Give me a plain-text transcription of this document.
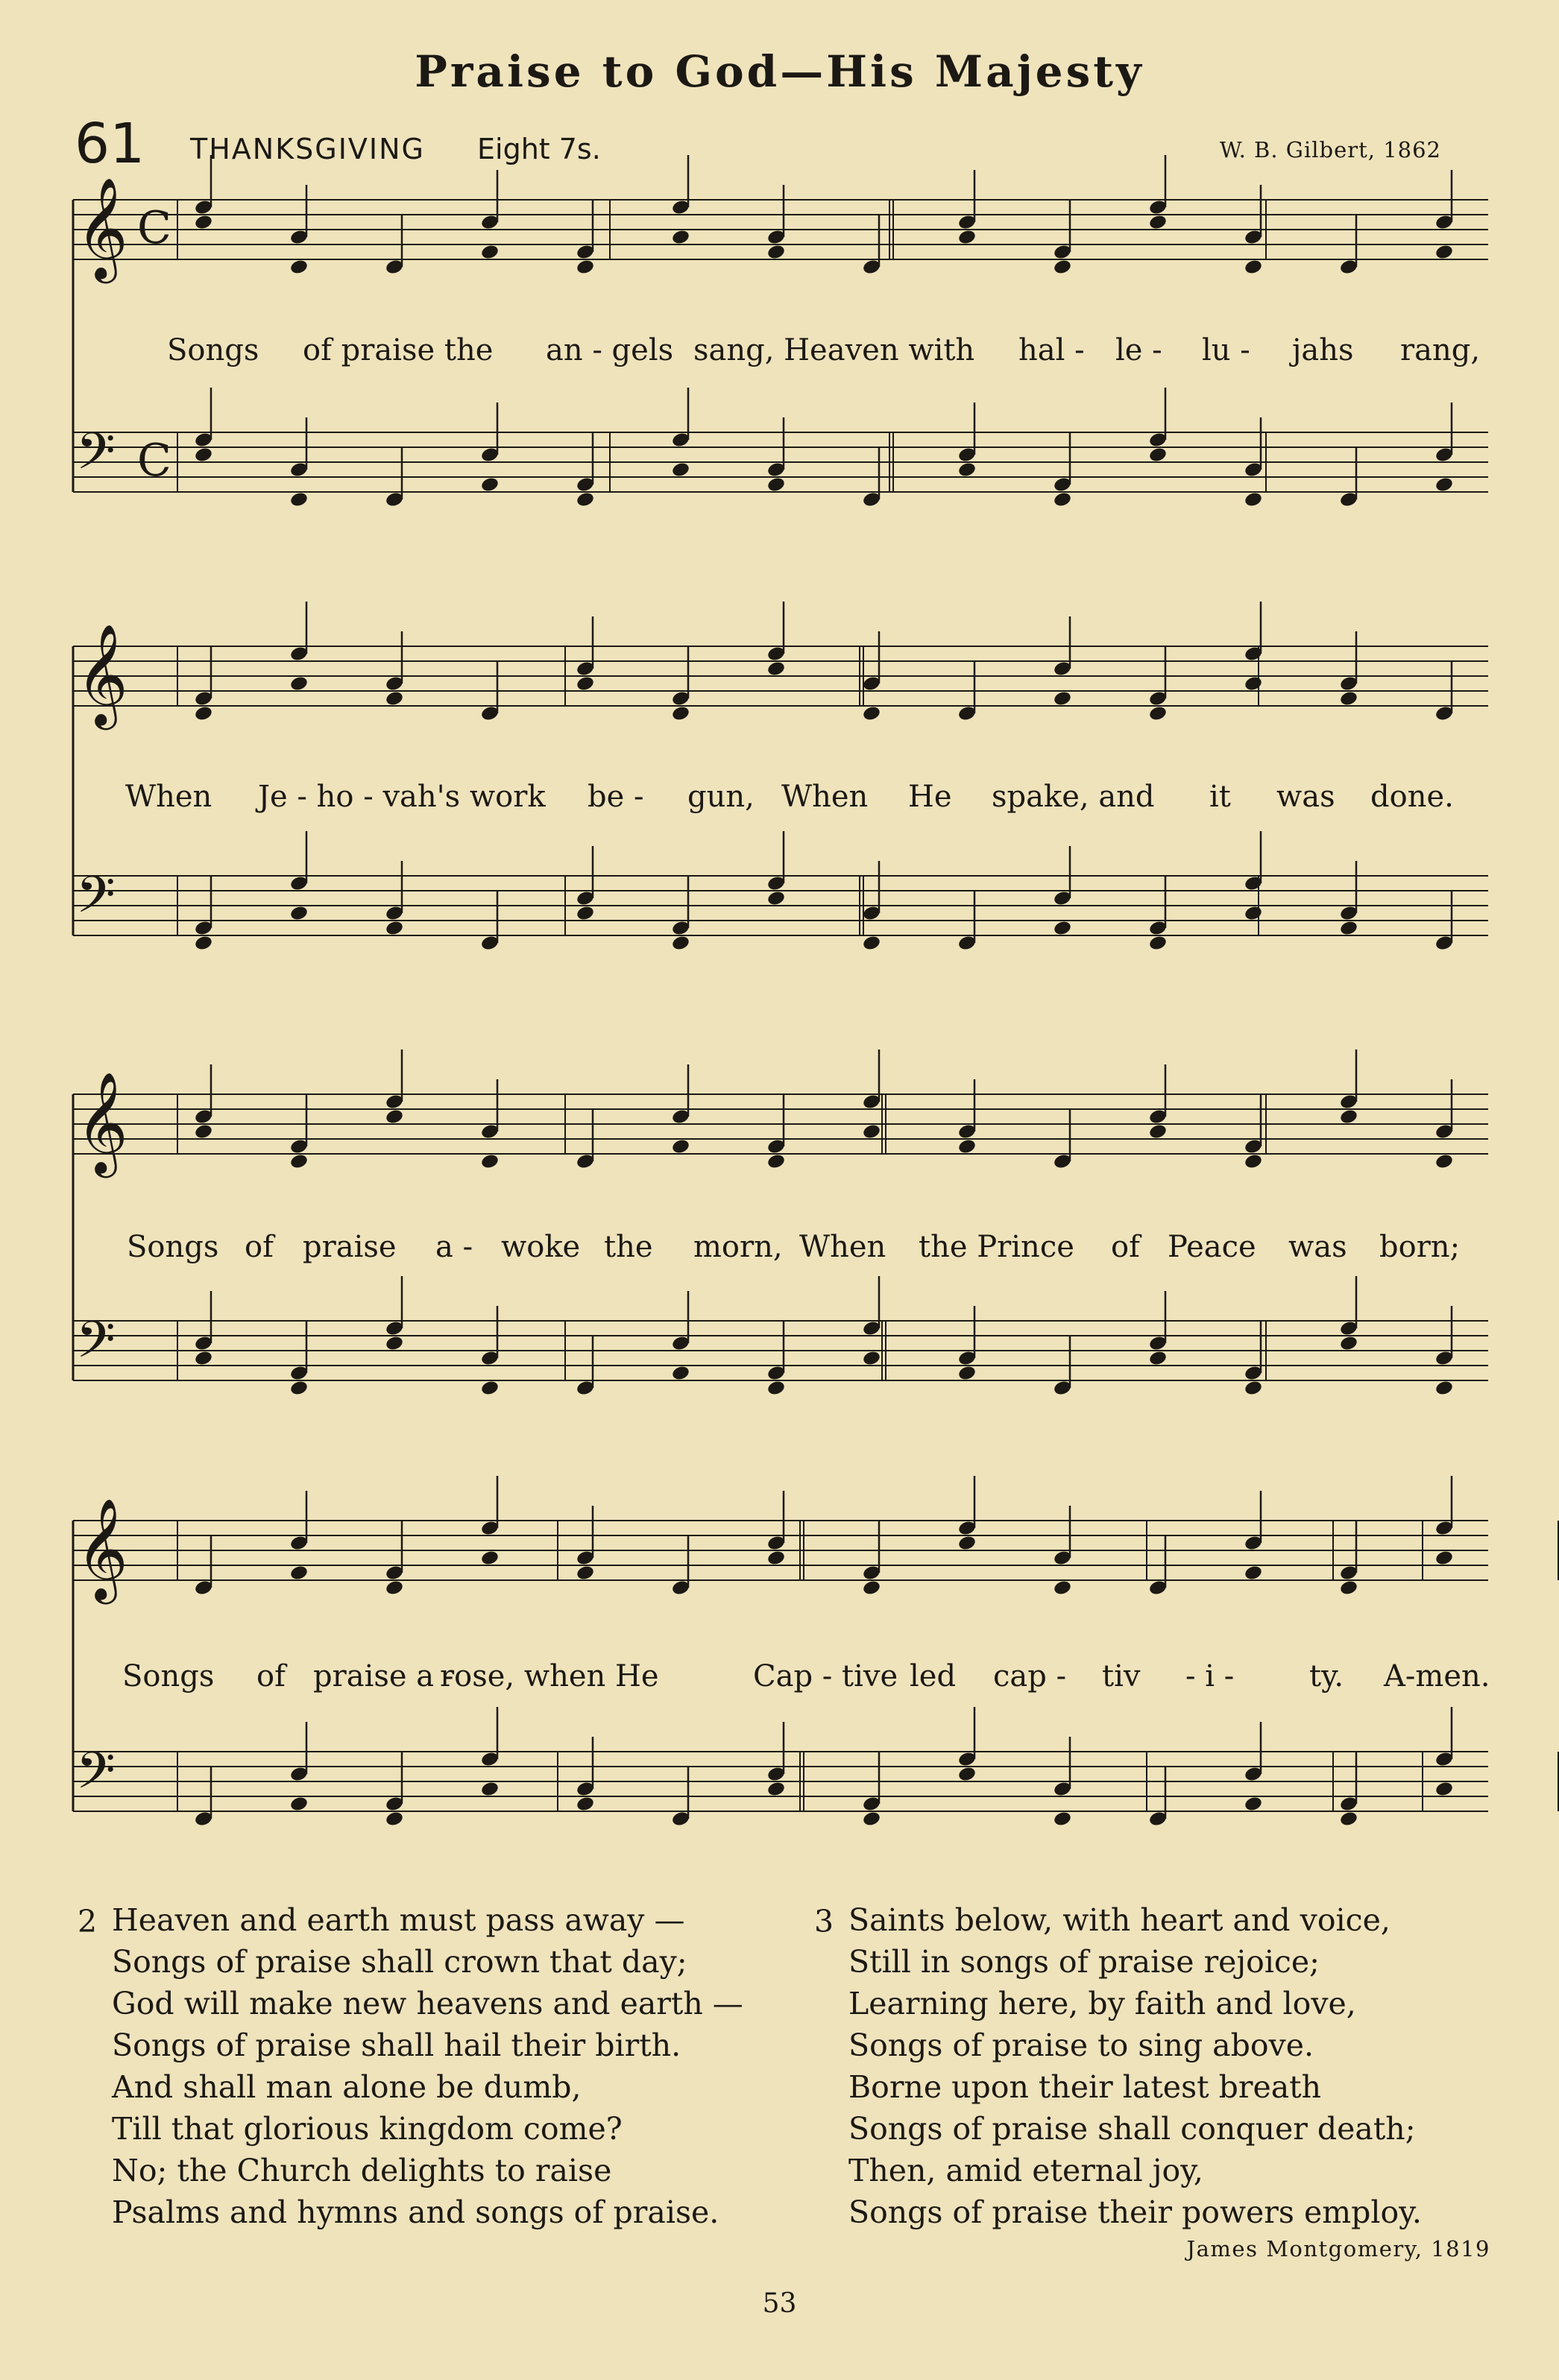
Praise to God—His Majesty
61 THANKSGIVING Eight 7s.	W. B. Gilbert, 1862
𝄞 C
𝄢 C
𝄞
𝄢
𝄞
𝄢
𝄞
𝄢
Songs of praise the an - gels sang, Heaven with hal - le - lu - jahs rang,
When Je - ho - vah's work be - gun, When He spake, and it was done.
Songs of praise a - woke the morn, When the Prince of Peace was born;
Songs of praise a -
rose, when He	Cap - tive led cap - tiv - i -	ty. A-men.
2 Heaven and earth must pass away —
Songs of praise shall crown that day;
God will make new heavens and earth —
Songs of praise shall hail their birth.
And shall man alone be dumb,
Till that glorious kingdom come?
No; the Church delights to raise
Psalms and hymns and songs of praise.
3 Saints below, with heart and voice,
Still in songs of praise rejoice;
Learning here, by faith and love,
Songs of praise to sing above.
Borne upon their latest breath
Songs of praise shall conquer death;
Then, amid eternal joy,
Songs of praise their powers employ.
James Montgomery, 1819
53
